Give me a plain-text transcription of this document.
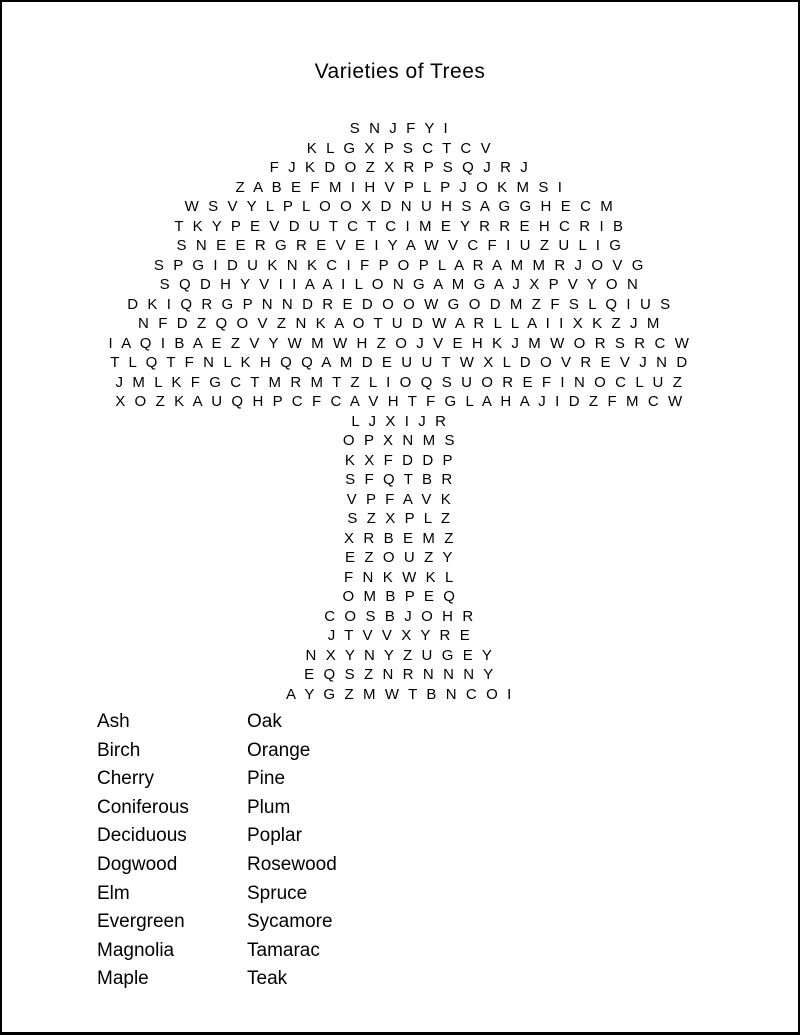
Varieties of Trees
S N J F Y I
K L G X P S C T C V
F J K D O Z X R P S Q J R J
Z A B E F M I H V P L P J O K M S I
W S V Y L P L O O X D N U H S A G G H E C M
T K Y P E V D U T C T C I M E Y R R E H C R I B
S N E E R G R E V E I Y A W V C F I U Z U L I G
S P G I D U K N K C I F P O P L A R A M M R J O V G
S Q D H Y V I I A A I L O N G A M G A J X P V Y O N
D K I Q R G P N N D R E D O O W G O D M Z F S L Q I U S
N F D Z Q O V Z N K A O T U D W A R L L A I I X K Z J M
I A Q I B A E Z V Y W M W H Z O J V E H K J M W O R S R C W
T L Q T F N L K H Q Q A M D E U U T W X L D O V R E V J N D
J M L K F G C T M R M T Z L I O Q S U O R E F I N O C L U Z
X O Z K A U Q H P C F C A V H T F G L A H A J I D Z F M C W
L J X I J R
O P X N M S
K X F D D P
S F Q T B R
V P F A V K
S Z X P L Z
X R B E M Z
E Z O U Z Y
F N K W K L
O M B P E Q
C O S B J O H R
J T V V X Y R E
N X Y N Y Z U G E Y
E Q S Z N R N N N Y
A Y G Z M W T B N C O I
Ash
Birch
Cherry
Coniferous
Deciduous
Dogwood
Elm
Evergreen
Magnolia
Maple
Oak
Orange
Pine
Plum
Poplar
Rosewood
Spruce
Sycamore
Tamarac
Teak
